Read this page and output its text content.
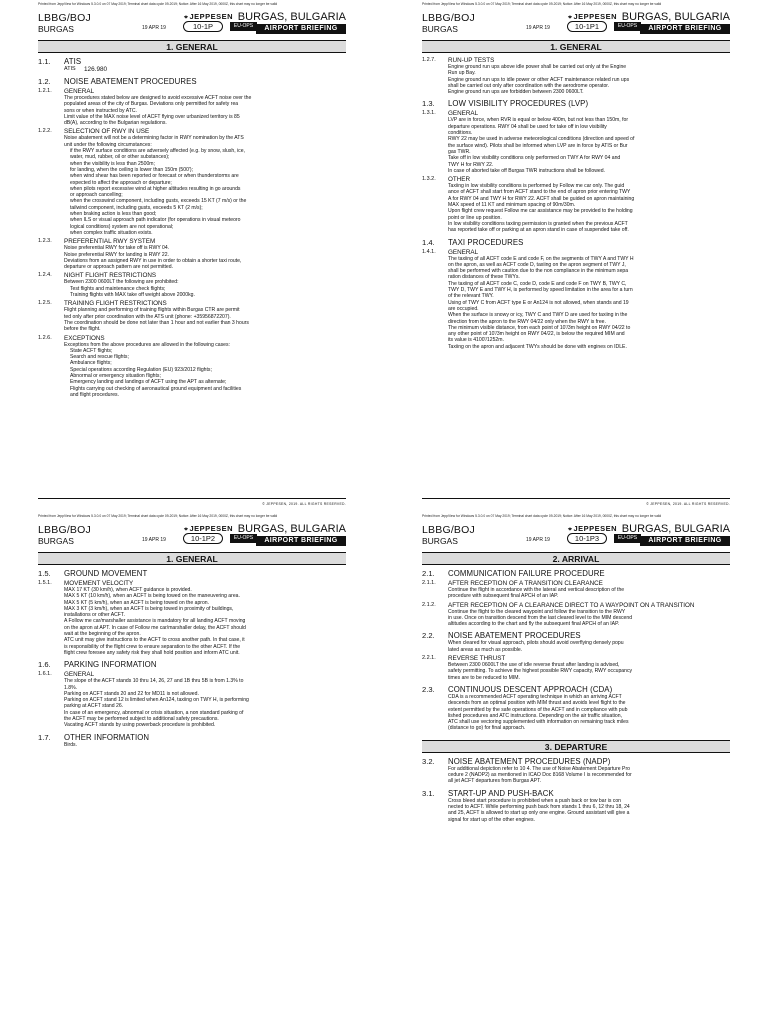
Printed from JeppView for Windows 5.3.0.0 on 07 May 2019; Terminal chart data cycle 09-2019; Notice: After 16 May 2019, 0000Z, this chart may no longer be valid
LBBG/BOJ
BURGAS	19 APR 19
⌖JEPPESEN
10-1P	EU-OPS
BURGAS, BULGARIA
AIRPORT BRIEFING
1. GENERAL
1.1.	ATIS
ATIS	126.980
1.2.	NOISE ABATEMENT PROCEDURES
1.2.1.	GENERAL
The procedures stated below are designed to avoid excessive ACFT noise over the
populated areas of the city of Burgas. Deviations only permitted for safety rea
sons or when instructed by ATC.
Limit value of the MAX noise level of ACFT flying over urbanized territory is 85
dB(A), according to the Bulgarian regulations.
1.2.2.	SELECTION OF RWY IN USE
Noise abatement will not be a determining factor in RWY nomination by the ATS
unit under the following circumstances:
if the RWY surface conditions are adversely affected (e.g. by snow, slush, ice,
water, mud, rubber, oil or other substances);
when the visibility is less than 2500m;
for landing, when the ceiling is lower than 150m (500');
when wind shear has been reported or forecast or when thunderstorms are
expected to affect the approach or departure;
when pilots report excessive wind at higher altitudes resulting in go arounds
or approach cancelling;
when the crosswind component, including gusts, exceeds 15 KT (7 m/s) or the
tailwind component, including gusts, exceeds 5 KT (2 m/s);
when braking action is less than good;
when ILS or visual approach path indicator (for operations in visual meteoro
logical conditions) system are not operational;
when complex traffic situation exists.
1.2.3.	PREFERENTIAL RWY SYSTEM
Noise preferential RWY for take off is RWY 04.
Noise preferential RWY for landing is RWY 22.
Deviations from an assigned RWY in use in order to obtain a shorter taxi route,
departure or approach pattern are not permitted.
1.2.4.	NIGHT FLIGHT RESTRICTIONS
Between 2300 0600LT the following are prohibited:
Test flights and maintenance check flights;
Training flights with MAX take off weight above 2000kg.
1.2.5.	TRAINING FLIGHT RESTRICTIONS
Flight planning and performing of training flights within Burgas CTR are permit
ted only after prior coordination with the ATS unit (phone: +35956872207).
The coordination should be done not later than 1 hour and not earlier than 3 hours
before the flight.
1.2.6.	EXCEPTIONS
Exceptions from the above procedures are allowed in the following cases:
State ACFT flights;
Search and rescue flights;
Ambulance flights;
Special operations according Regulation (EU) 923/2012 flights;
Abnormal or emergency situation flights;
Emergency landing and landings of ACFT using the APT as alternate;
Flights carrying out checking of aeronautical ground equipment and facilities
and flight procedures.
© JEPPESEN, 2019. ALL RIGHTS RESERVED.
Printed from JeppView for Windows 5.3.0.0 on 07 May 2019; Terminal chart data cycle 09-2019; Notice: After 16 May 2019, 0000Z, this chart may no longer be valid
LBBG/BOJ
BURGAS	19 APR 19
⌖JEPPESEN
10-1P1	EU-OPS
BURGAS, BULGARIA
AIRPORT BRIEFING
1. GENERAL
1.2.7.	RUN-UP TESTS
Engine ground run ups above idle power shall be carried out only at the Engine
Run up Bay.
Engine ground run ups to idle power or other ACFT maintenance related run ups
shall be carried out only after coordination with the aerodrome operator.
Engine ground run ups are forbidden between 2300 0600LT.
1.3.	LOW VISIBILITY PROCEDURES (LVP)
1.3.1.	GENERAL
LVP are in force, when RVR is equal or below 400m, but not less than 150m, for
departure operations. RWY 04 shall be used for take off in low visibility
conditions.
RWY 22 may be used in adverse meteorological conditions (direction and speed of
the surface wind). Pilots shall be informed when LVP are in force by ATIS or Bur
gas TWR.
Take off in low visibility conditions only performed on TWY A for RWY 04 and
TWY H for RWY 22.
In case of aborted take off Burgas TWR instructions shall be followed.
1.3.2.	OTHER
Taxiing in low visibility conditions is performed by Follow me car only. The guid
ance of ACFT shall start from ACFT stand to the end of apron prior entering TWY
A for RWY 04 and TWY H for RWY 22. ACFT shall be guided on apron maintaining
MAX speed of 11 KT and minimum spacing of 90m/30m.
Upon flight crew request Follow me car assistance may be provided to the holding
point or line up position.
In low visibility conditions taxiing permission is granted when the previous ACFT
has reported take off or parking at an apron stand in case of suspended take off.
1.4.	TAXI PROCEDURES
1.4.1.	GENERAL
The taxiing of all ACFT code E and code F, on the segments of TWY A and TWY H
on the apron, as well as ACFT code D, taxiing on the apron segment of TWY J,
shall be performed with caution due to the non compliance in the minimum sepa
ration distances of these TWYs.
The taxiing of all ACFT code C, code D, code E and code F on TWY B, TWY C,
TWY D, TWY E and TWY H, is performed by speed limitation in the area for a turn
of the relevant TWY.
Using of TWY C from ACFT type E or An124 is not allowed, when stands and 19
are occupied.
When the surface is snowy or icy, TWY C and TWY D are used for taxiing in the
direction from the apron to the RWY 04/22 only when the RWY is free.
The minimum visible distance, from each point of 10'/3m height on RWY 04/22 to
any other point of 10'/3m height on RWY 04/22, is below the required MIM and
its value is 4100'/1252m.
Taxiing on the apron and adjacent TWYs should be done with engines on IDLE.
© JEPPESEN, 2019. ALL RIGHTS RESERVED.
Printed from JeppView for Windows 5.3.0.0 on 07 May 2019; Terminal chart data cycle 09-2019; Notice: After 16 May 2019, 0000Z, this chart may no longer be valid
LBBG/BOJ
BURGAS	19 APR 19
⌖JEPPESEN
10-1P2	EU-OPS
BURGAS, BULGARIA
AIRPORT BRIEFING
1. GENERAL
1.5.	GROUND MOVEMENT
1.5.1.	MOVEMENT VELOCITY
MAX 17 KT (30 km/h), when ACFT guidance is provided.
MAX 5 KT (10 km/h), when an ACFT is being towed on the maneuvering area.
MAX 5 KT (5 km/h), when an ACFT is being towed on the apron.
MAX 3 KT (3 km/h), when an ACFT is being towed in proximity of buildings,
installations or other ACFT.
A Follow me car/marshaller assistance is mandatory for all landing ACFT moving
on the apron at APT. In case of Follow me car/marshaller delay, the ACFT should
wait at the beginning of the apron.
ATC unit may give instructions to the ACFT to cross another path. In that case, it
is responsibility of the flight crew to ensure separation to the other ACFT. If the
flight crew foresee any safety risk they shall hold position and inform ATC unit.
1.6.	PARKING INFORMATION
1.6.1.	GENERAL
The slope of the ACFT stands 10 thru 14, 26, 27 and 1B thru 5B is from 1.3% to
1.8%.
Parking on ACFT stands 20 and 22 for MD11 is not allowed.
Parking on ACFT stand 12 is limited when An124, taxiing on TWY H, is performing
parking at ACFT stand 26.
In case of an emergency, abnormal or crisis situation, a non standard parking of
the ACFT may be performed subject to additional safety precautions.
Vacating ACFT stands by using powerback procedure is prohibited.
1.7.	OTHER INFORMATION
Birds.
Printed from JeppView for Windows 5.3.0.0 on 07 May 2019; Terminal chart data cycle 09-2019; Notice: After 16 May 2019, 0000Z, this chart may no longer be valid
LBBG/BOJ
BURGAS	19 APR 19
⌖JEPPESEN
10-1P3	EU-OPS
BURGAS, BULGARIA
AIRPORT BRIEFING
2. ARRIVAL
2.1.	COMMUNICATION FAILURE PROCEDURE
2.1.1.	AFTER RECEPTION OF A TRANSITION CLEARANCE
Continue the flight in accordance with the lateral and vertical description of the
procedure with subsequent final APCH of an IAP.
2.1.2.	AFTER RECEPTION OF A CLEARANCE DIRECT TO A WAYPOINT ON A TRANSITION
Continue the flight to the cleared waypoint and follow the transition to the RWY
in use. Once on transition descend from the last cleared level to the MIM descend
altitudes according to the chart and fly the subsequent final APCH of an IAP.
2.2.	NOISE ABATEMENT PROCEDURES
When cleared for visual approach, pilots should avoid overflying densely popu
lated areas as much as possible.
2.2.1.	REVERSE THRUST
Between 2300 0600LT the use of idle reverse thrust after landing is advised,
safety permitting. To achieve the highest possible RWY capacity, RWY occupancy
times are to be reduced to MIM.
2.3.	CONTINUOUS DESCENT APPROACH (CDA)
CDA is a recommended ACFT operating technique in which an arriving ACFT
descends from an optimal position with MIM thrust and avoids level flight to the
extent permitted by the safe operations of the ACFT and in compliance with pub
lished procedures and ATC instructions. Depending on the air traffic situation,
ATC shall use vectoring supplemented with information on remaining track miles
(distance to go) for final approach.
3. DEPARTURE
3.2.	NOISE ABATEMENT PROCEDURES (NADP)
For additional depiction refer to 10 4. The use of Noise Abatement Departure Pro
cedure 2 (NADP2) as mentioned in ICAO Doc 8168 Volume I is recommended for
all jet ACFT departures from Burgas APT.
3.1.	START-UP AND PUSH-BACK
Cross bleed start procedure is prohibited when a push back or tow bar is con
nected to ACFT. While performing push back from stands 1 thru 6, 12 thru 18, 24
and 25, ACFT is allowed to start up only one engine. Ground assistant will give a
signal for start up of the other engines.
